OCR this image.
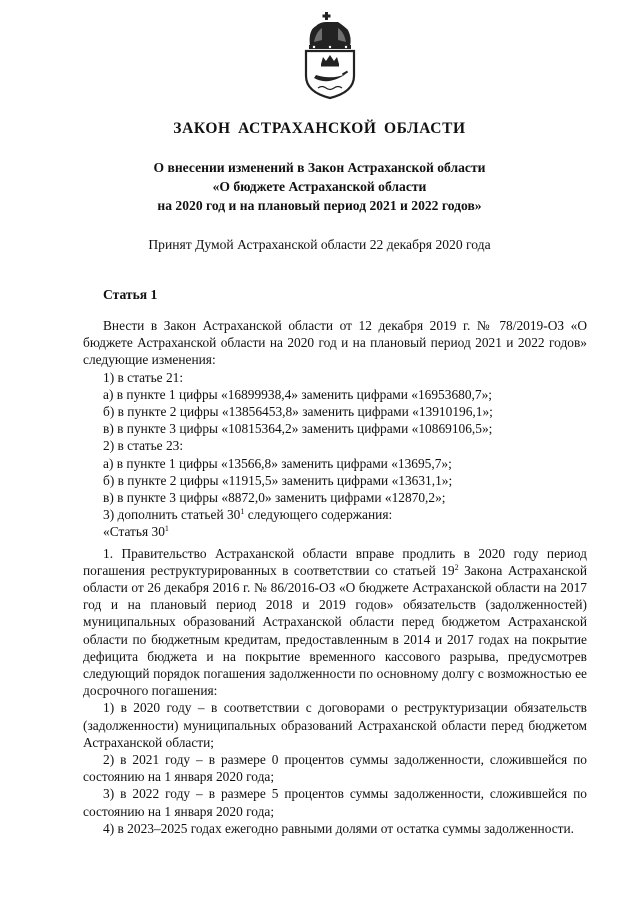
ЗАКОН АСТРАХАНСКОЙ ОБЛАСТИ
О внесении изменений в Закон Астраханской области
«О бюджете Астраханской области
на 2020 год и на плановый период 2021 и 2022 годов»
Принят Думой Астраханской области 22 декабря 2020 года
Статья 1

Внести в Закон Астраханской области от 12 декабря 2019 г. № 78/2019-ОЗ «О бюджете Астраханской области на 2020 год и на плановый период 2021 и 2022 годов» следующие изменения:

1) в статье 21:

а) в пункте 1 цифры «16899938,4» заменить цифрами «16953680,7»;

б) в пункте 2 цифры «13856453,8» заменить цифрами «13910196,1»;

в) в пункте 3 цифры «10815364,2» заменить цифрами «10869106,5»;

2) в статье 23:

а) в пункте 1 цифры «13566,8» заменить цифрами «13695,7»;

б) в пункте 2 цифры «11915,5» заменить цифрами «13631,1»;

в) в пункте 3 цифры «8872,0» заменить цифрами «12870,2»;

3) дополнить статьей $30^1$ следующего содержания:

«Статья $30^1$

1. Правительство Астраханской области вправе продлить в 2020 году период погашения реструктурированных в соответствии со статьей $19^2$ Закона Астраханской области от 26 декабря 2016 г. № 86/2016-ОЗ «О бюджете Астраханской области на 2017 год и на плановый период 2018 и 2019 годов» обязательств (задолженностей) муниципальных образований Астраханской области перед бюджетом Астраханской области по бюджетным кредитам, предоставленным в 2014 и 2017 годах на покрытие дефицита бюджета и на покрытие временного кассового разрыва, предусмотрев следующий порядок погашения задолженности по основному долгу с возможностью ее досрочного погашения:

1) в 2020 году – в соответствии с договорами о реструктуризации обязательств (задолженности) муниципальных образований Астраханской области перед бюджетом Астраханской области;

2) в 2021 году – в размере 0 процентов суммы задолженности, сложившейся по состоянию на 1 января 2020 года;

3) в 2022 году – в размере 5 процентов суммы задолженности, сложившейся по состоянию на 1 января 2020 года;

4) в 2023–2025 годах ежегодно равными долями от остатка суммы задолженности.
